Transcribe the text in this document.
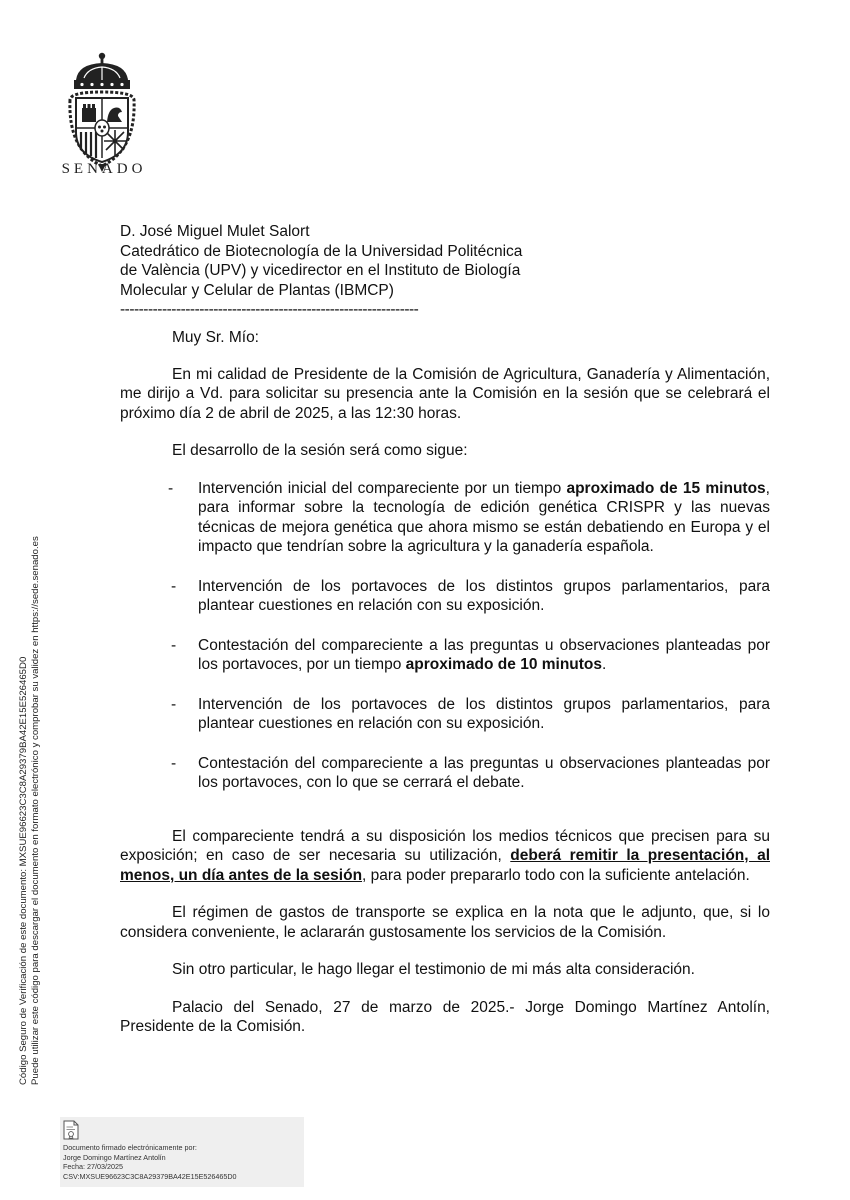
SENADO
D. José Miguel Mulet Salort
Catedrático de Biotecnología de la Universidad Politécnica
de València (UPV) y vicedirector en el Instituto de Biología
Molecular y Celular de Plantas (IBMCP)
----------------------------------------------------------------

Muy Sr. Mío:

En mi calidad de Presidente de la Comisión de Agricultura, Ganadería y Alimentación, me dirijo a Vd. para solicitar su presencia ante la Comisión en la sesión que se celebrará el próximo día 2 de abril de 2025, a las 12:30 horas.

El desarrollo de la sesión será como sigue:

- Intervención inicial del compareciente por un tiempo aproximado de 15 minutos, para informar sobre la tecnología de edición genética CRISPR y las nuevas técnicas de mejora genética que ahora mismo se están debatiendo en Europa y el impacto que tendrían sobre la agricultura y la ganadería española.
- Intervención de los portavoces de los distintos grupos parlamentarios, para plantear cuestiones en relación con su exposición.
- Contestación del compareciente a las preguntas u observaciones planteadas por los portavoces, por un tiempo aproximado de 10 minutos.
- Intervención de los portavoces de los distintos grupos parlamentarios, para plantear cuestiones en relación con su exposición.
- Contestación del compareciente a las preguntas u observaciones planteadas por los portavoces, con lo que se cerrará el debate.

El compareciente tendrá a su disposición los medios técnicos que precisen para su exposición; en caso de ser necesaria su utilización, deberá remitir la presentación, al menos, un día antes de la sesión, para poder prepararlo todo con la suficiente antelación.

El régimen de gastos de transporte se explica en la nota que le adjunto, que, si lo considera conveniente, le aclararán gustosamente los servicios de la Comisión.

Sin otro particular, le hago llegar el testimonio de mi más alta consideración.

Palacio del Senado, 27 de marzo de 2025.- Jorge Domingo Martínez Antolín, Presidente de la Comisión.

Código Seguro de Verificación de este documento: MXSUE96623C3C8A29379BA42E15E526465D0 Puede utilizar este código para descargar el documento en formato electrónico y comprobar su validez en https://sede.senado.es
Documento firmado electrónicamente por:
Jorge Domingo Martínez Antolín
Fecha: 27/03/2025
CSV:MXSUE96623C3C8A29379BA42E15E526465D0
